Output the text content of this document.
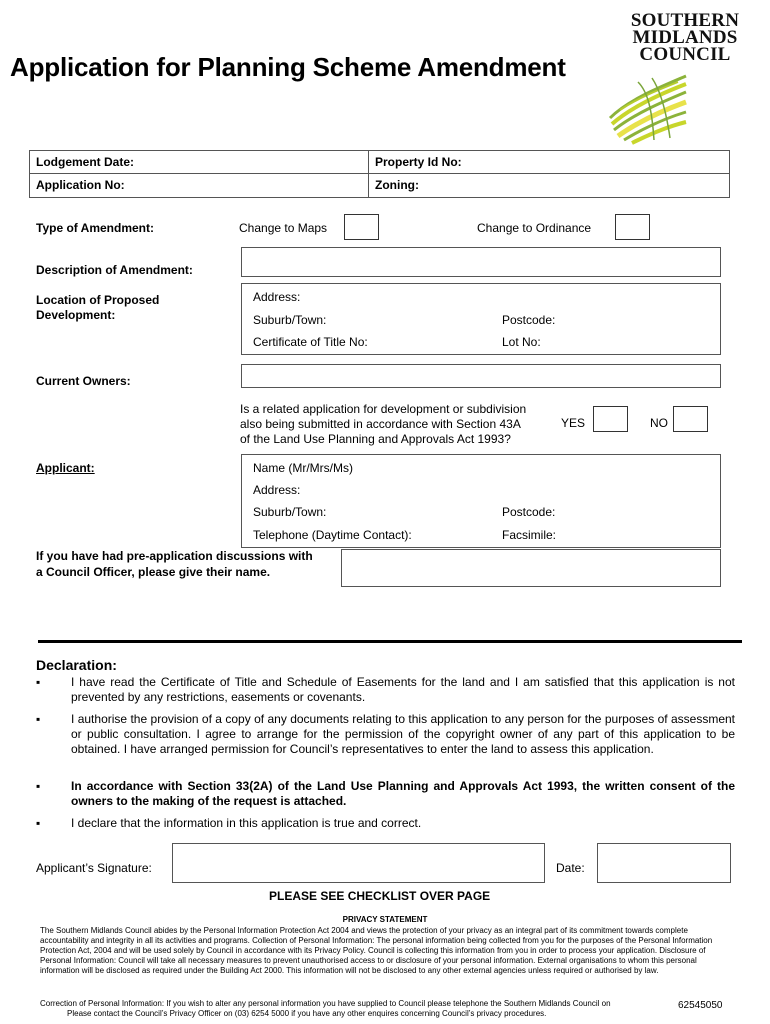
Application for Planning Scheme Amendment
SOUTHERN
MIDLANDS
COUNCIL
Lodgement Date:	Property Id No:
Application No:	Zoning:
Type of Amendment:	Change to Maps	Change to Ordinance
Description of Amendment:
Location of Proposed
Development:
Address:
Suburb/Town:	Postcode:
Certificate of Title No:	Lot No:
Current Owners:
Is a related application for development or subdivision
also being submitted in accordance with Section 43A
of the Land Use Planning and Approvals Act 1993?
YES	NO
Applicant:	Name (Mr/Mrs/Ms)
Address:
Suburb/Town:	Postcode:
Telephone (Daytime Contact):	Facsimile:
If you have had pre-application discussions with
a Council Officer, please give their name.
Declaration:
▪	I have read the Certificate of Title and Schedule of Easements for the land and I am satisfied that this application is not prevented by any restrictions, easements or covenants.
▪	I authorise the provision of a copy of any documents relating to this application to any person for the purposes of assessment or public consultation. I agree to arrange for the permission of the copyright owner of any part of this application to be obtained. I have arranged permission for Council’s representatives to enter the land to assess this application.
▪	In accordance with Section 33(2A) of the Land Use Planning and Approvals Act 1993, the written consent of the owners to the making of the request is attached.
▪	I declare that the information in this application is true and correct.
Applicant’s Signature:	Date:
PLEASE SEE CHECKLIST OVER PAGE
PRIVACY STATEMENT
The Southern Midlands Council abides by the Personal Information Protection Act 2004 and views the protection of your privacy as an integral part of its commitment towards complete accountability and integrity in all its activities and programs. Collection of Personal Information: The personal information being collected from you for the purposes of the Personal Information Protection Act, 2004 and will be used solely by Council in accordance with its Privacy Policy. Council is collecting this information from you in order to process your application. Disclosure of Personal Information: Council will take all necessary measures to prevent unauthorised access to or disclosure of your personal information. External organisations to whom this personal information will be disclosed as required under the Building Act 2000. This information will not be disclosed to any other external agencies unless required or authorised by law.
Correction of Personal Information: If you wish to alter any personal information you have supplied to Council please telephone the Southern Midlands Council on	62545050
Please contact the Council’s Privacy Officer on (03) 6254 5000 if you have any other enquires concerning Council’s privacy procedures.
